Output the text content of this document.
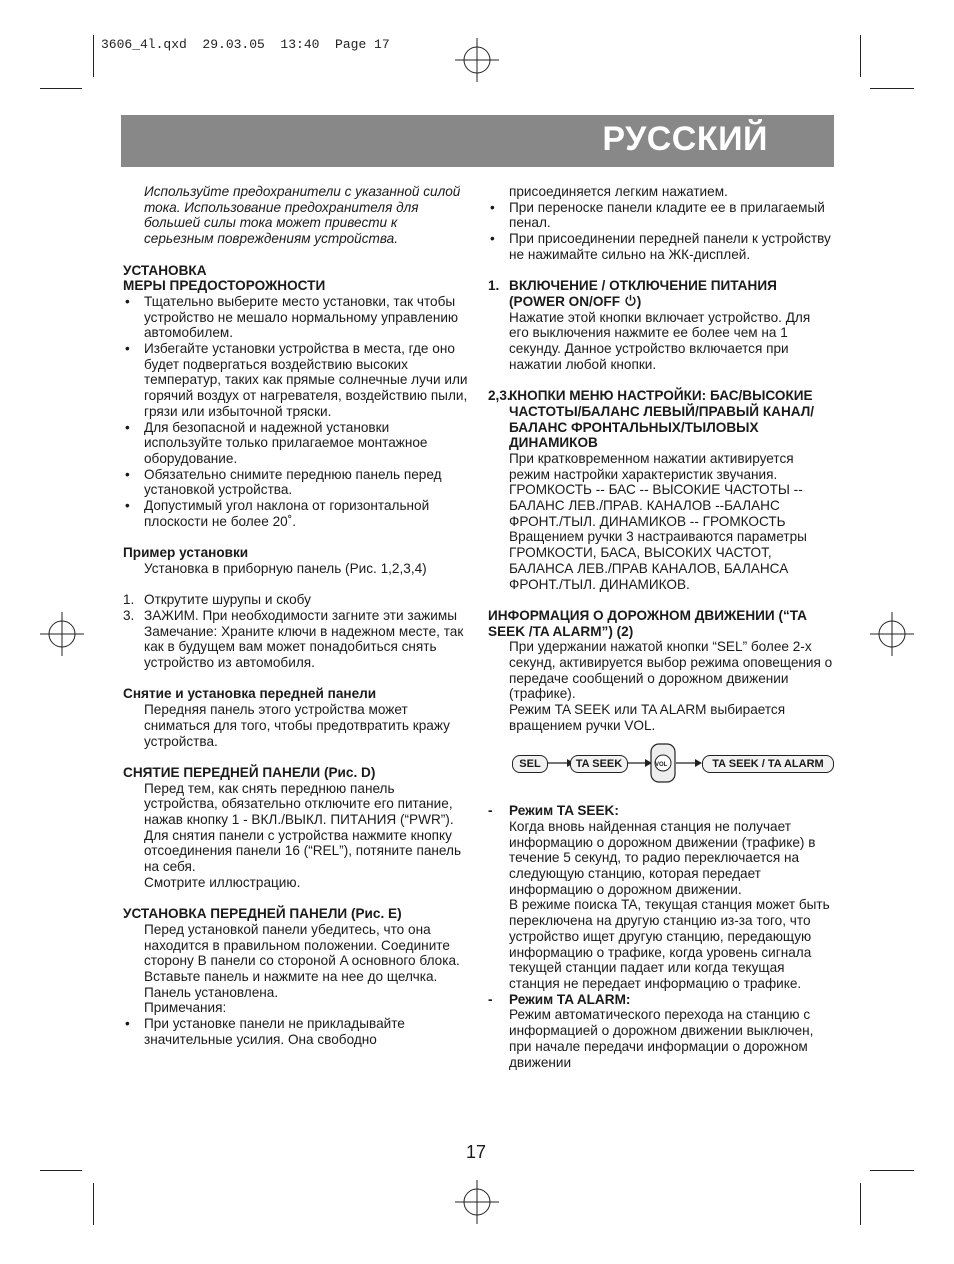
3606_4l.qxd  29.03.05  13:40  Page 17
РУССКИЙ

Используйте предохранители с указанной силой тока. Использование предохранителя для большей силы тока может привести к серьезным повреждениям устройства.

УСТАНОВКА

МЕРЫ ПРЕДОСТОРОЖНОСТИ

• Тщательно выберите место установки, так чтобы устройство не мешало нормальному управлению автомобилем.
• Избегайте установки устройства в места, где оно будет подвергаться воздействию высоких температур, таких как прямые солнечные лучи или горячий воздух от нагревателя, воздействию пыли, грязи или избыточной тряски.
• Для безопасной и надежной установки используйте только прилагаемое монтажное оборудование.
• Обязательно снимите переднюю панель перед установкой устройства.
• Допустимый угол наклона от горизонтальной плоскости не более 20˚.

Пример установки

Установка в приборную панель (Рис. 1,2,3,4)

1. Открутите шурупы и скобу
3. ЗАЖИМ. При необходимости загните эти зажимы

Замечание: Храните ключи в надежном месте, так как в будущем вам может понадобиться снять устройство из автомобиля.

Снятие и установка передней панели

Передняя панель этого устройства может сниматься для того, чтобы предотвратить кражу устройства.

СНЯТИЕ ПЕРЕДНЕЙ ПАНЕЛИ (Рис. D)

Перед тем, как снять переднюю панель устройства, обязательно отключите его питание, нажав кнопку 1 - ВКЛ./ВЫКЛ. ПИТАНИЯ (“PWR”).

Для снятия панели с устройства нажмите кнопку отсоединения панели 16 (“REL”), потяните панель на себя.

Смотрите иллюстрацию.

УСТАНОВКА ПЕРЕДНЕЙ ПАНЕЛИ (Рис. E)

Перед установкой панели убедитесь, что она находится в правильном положении. Соедините сторону B панели со стороной A основного блока. Вставьте панель и нажмите на нее до щелчка. Панель установлена.

Примечания:

• При установке панели не прикладывайте значительные усилия. Она свободно

присоединяется легким нажатием.

• При переноске панели кладите ее в прилагаемый пенал.
• При присоединении передней панели к устройству не нажимайте сильно на ЖК-дисплей.
1. ВКЛЮЧЕНИЕ / ОТКЛЮЧЕНИЕ ПИТАНИЯ
(POWER ON/OFF )

Нажатие этой кнопки включает устройство. Для его выключения нажмите ее более чем на 1 секунду. Данное устройство включается при нажатии любой кнопки.

2,3.
КНОПКИ МЕНЮ НАСТРОЙКИ: БАС/ВЫСОКИЕ ЧАСТОТЫ/БАЛАНС ЛЕВЫЙ/ПРАВЫЙ КАНАЛ/ БАЛАНС ФРОНТАЛЬНЫХ/ТЫЛОВЫХ ДИНАМИКОВ

При кратковременном нажатии активируется режим настройки характеристик звучания. ГРОМКОСТЬ -- БАС -- ВЫСОКИЕ ЧАСТОТЫ -- БАЛАНС ЛЕВ./ПРАВ. КАНАЛОВ --БАЛАНС ФРОНТ./ТЫЛ. ДИНАМИКОВ -- ГРОМКОСТЬ Вращением ручки 3 настраиваются параметры ГРОМКОСТИ, БАСА, ВЫСОКИХ ЧАСТОТ, БАЛАНСА ЛЕВ./ПРАВ КАНАЛОВ, БАЛАНСА ФРОНТ./ТЫЛ. ДИНАМИКОВ.

ИНФОРМАЦИЯ О ДОРОЖНОМ ДВИЖЕНИИ (“TA SEEK /TA ALARM”) (2)

При удержании нажатой кнопки “SEL” более 2-х секунд, активируется выбор режима оповещения о передаче сообщений о дорожном движении (трафике).

Режим TA SEEK или TA ALARM выбирается вращением ручки VOL.

SEL	TA SEEK	VOL	TA SEEK / TA ALARM
- Режим TA SEEK:

Когда вновь найденная станция не получает информацию о дорожном движении (трафике) в течение 5 секунд, то радио переключается на следующую станцию, которая передает информацию о дорожном движении.

В режиме поиска TA, текущая станция может быть переключена на другую станцию из-за того, что устройство ищет другую станцию, передающую информацию о трафике, когда уровень сигнала текущей станции падает или когда текущая станция не передает информацию о трафике.

- Режим TA ALARM:

Режим автоматического перехода на станцию с информацией о дорожном движении выключен, при начале передачи информации о дорожном движении

17
